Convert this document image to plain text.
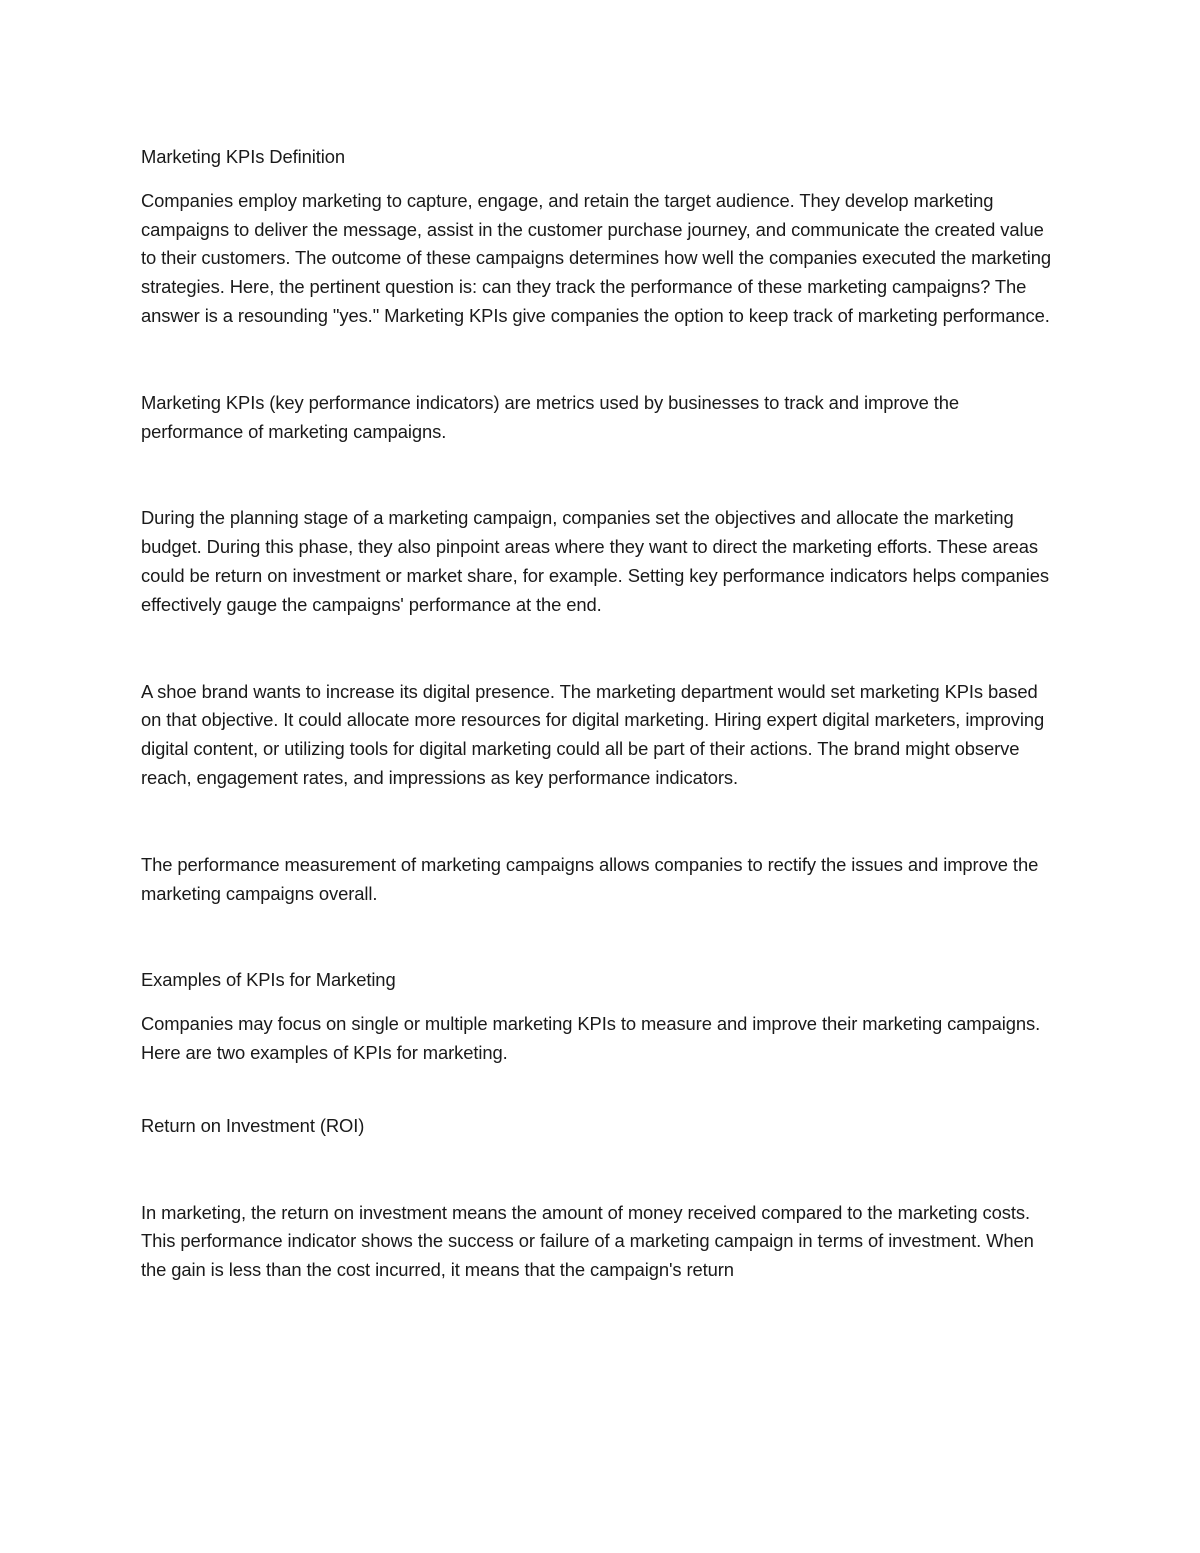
Marketing KPIs Definition

Companies employ marketing to capture, engage, and retain the target audience. They develop marketing campaigns to deliver the message, assist in the customer purchase journey, and communicate the created value to their customers. The outcome of these campaigns determines how well the companies executed the marketing strategies. Here, the pertinent question is: can they track the performance of these marketing campaigns? The answer is a resounding "yes." Marketing KPIs give companies the option to keep track of marketing performance.

Marketing KPIs (key performance indicators) are metrics used by businesses to track and improve the performance of marketing campaigns.

During the planning stage of a marketing campaign, companies set the objectives and allocate the marketing budget. During this phase, they also pinpoint areas where they want to direct the marketing efforts. These areas could be return on investment or market share, for example. Setting key performance indicators helps companies effectively gauge the campaigns' performance at the end.

A shoe brand wants to increase its digital presence. The marketing department would set marketing KPIs based on that objective. It could allocate more resources for digital marketing. Hiring expert digital marketers, improving digital content, or utilizing tools for digital marketing could all be part of their actions. The brand might observe reach, engagement rates, and impressions as key performance indicators.

The performance measurement of marketing campaigns allows companies to rectify the issues and improve the marketing campaigns overall.

Examples of KPIs for Marketing

Companies may focus on single or multiple marketing KPIs to measure and improve their marketing campaigns. Here are two examples of KPIs for marketing.

Return on Investment (ROI)

In marketing, the return on investment means the amount of money received compared to the marketing costs. This performance indicator shows the success or failure of a marketing campaign in terms of investment. When the gain is less than the cost incurred, it means that the campaign's return
